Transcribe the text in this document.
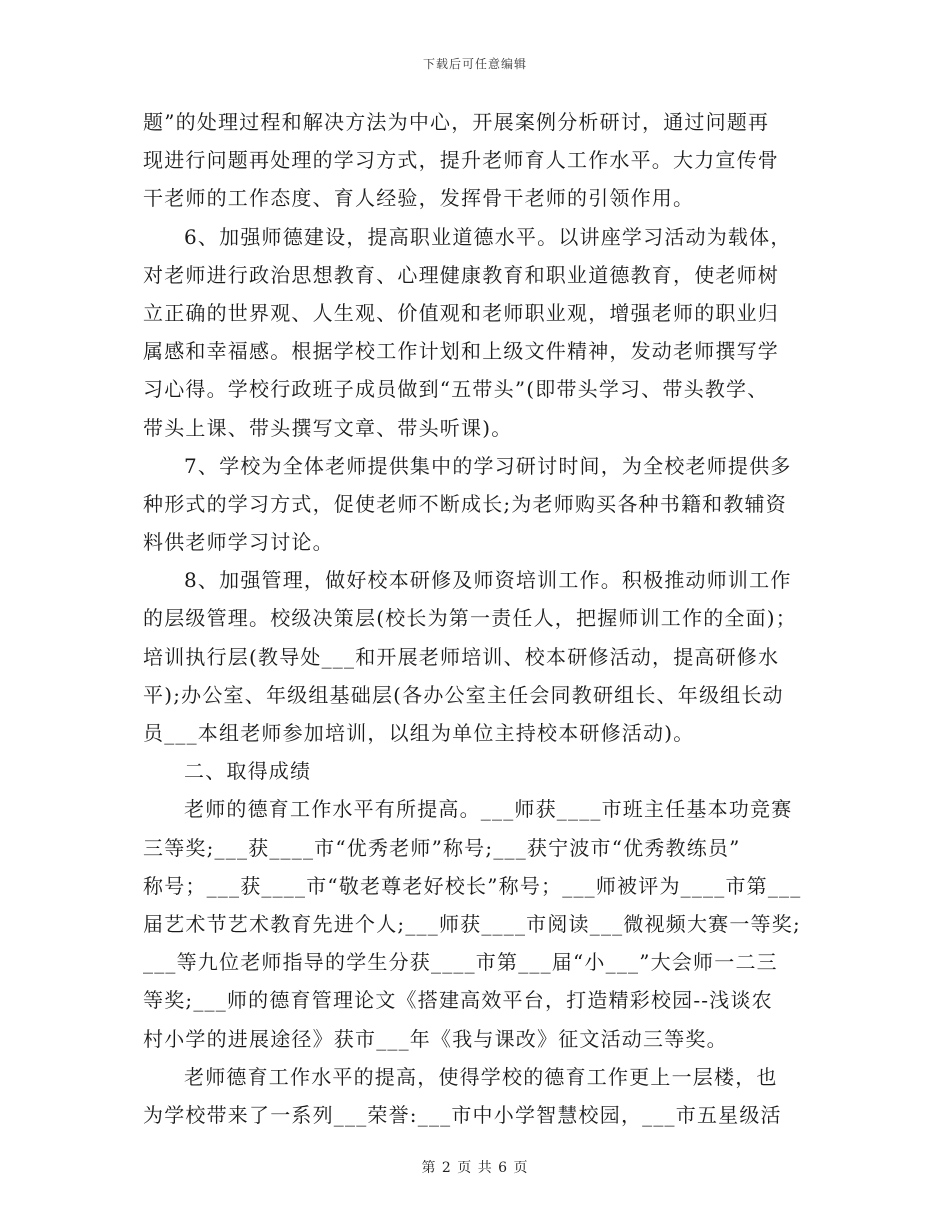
下载后可任意编辑
题”的处理过程和解决方法为中心，开展案例分析研讨，通过问题再
现进行问题再处理的学习方式，提升老师育人工作水平。大力宣传骨
干老师的工作态度、育人经验，发挥骨干老师的引领作用。
6、加强师德建设，提高职业道德水平。以讲座学习活动为载体，
对老师进行政治思想教育、心理健康教育和职业道德教育，使老师树
立正确的世界观、人生观、价值观和老师职业观，增强老师的职业归
属感和幸福感。根据学校工作计划和上级文件精神，发动老师撰写学
习心得。学校行政班子成员做到“五带头”(即带头学习、带头教学、
带头上课、带头撰写文章、带头听课)。
7、学校为全体老师提供集中的学习研讨时间，为全校老师提供多
种形式的学习方式，促使老师不断成长;为老师购买各种书籍和教辅资
料供老师学习讨论。
8、加强管理，做好校本研修及师资培训工作。积极推动师训工作
的层级管理。校级决策层(校长为第一责任人，把握师训工作的全面)；
培训执行层(教导处___和开展老师培训、校本研修活动，提高研修水
平);办公室、年级组基础层(各办公室主任会同教研组长、年级组长动
员___本组老师参加培训，以组为单位主持校本研修活动)。
二、取得成绩
老师的德育工作水平有所提高。___师获____市班主任基本功竞赛
三等奖;___获____市“优秀老师”称号;___获宁波市“优秀教练员”
称号；___获____市“敬老尊老好校长”称号；___师被评为____市第___
届艺术节艺术教育先进个人;___师获____市阅读___微视频大赛一等奖;
___等九位老师指导的学生分获____市第___届“小___”大会师一二三
等奖;___师的德育管理论文《搭建高效平台，打造精彩校园--浅谈农
村小学的进展途径》获市___年《我与课改》征文活动三等奖。
老师德育工作水平的提高，使得学校的德育工作更上一层楼，也
为学校带来了一系列___荣誉:___市中小学智慧校园，___市五星级活
第 2 页 共 6 页
